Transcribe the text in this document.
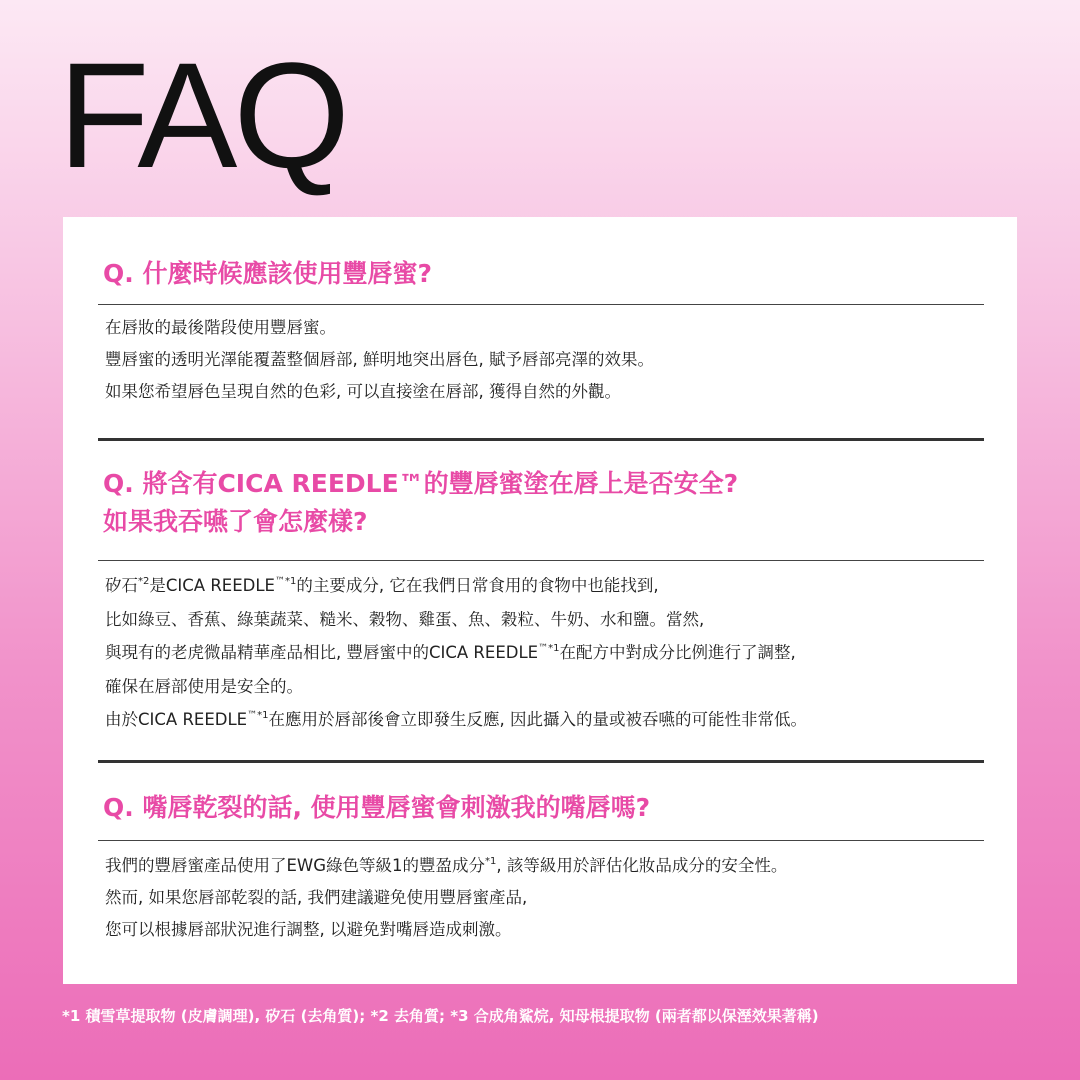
FAQ
Q. 什麼時候應該使用豐唇蜜?
在唇妝的最後階段使用豐唇蜜。
豐唇蜜的透明光澤能覆蓋整個唇部, 鮮明地突出唇色, 賦予唇部亮澤的效果。
如果您希望唇色呈現自然的色彩, 可以直接塗在唇部, 獲得自然的外觀。
Q. 將含有CICA REEDLE™的豐唇蜜塗在唇上是否安全?
如果我吞嚥了會怎麼樣?
矽石$^{*2}$是CICA $REEDLE^{™*1}$的主要成分, 它在我們日常食用的食物中也能找到,
比如綠豆、香蕉、綠葉蔬菜、糙米、穀物、雞蛋、魚、穀粒、牛奶、水和鹽。當然,
與現有的老虎微晶精華產品相比, 豐唇蜜中的CICA $REEDLE^{™*1}$在配方中對成分比例進行了調整,
確保在唇部使用是安全的。
由於CICA $REEDLE^{™*1}$在應用於唇部後會立即發生反應, 因此攝入的量或被吞嚥的可能性非常低。
Q. 嘴唇乾裂的話, 使用豐唇蜜會刺激我的嘴唇嗎?
我們的豐唇蜜產品使用了EWG綠色等級1的豐盈成分$^{*1}$, 該等級用於評估化妝品成分的安全性。
然而, 如果您唇部乾裂的話, 我們建議避免使用豐唇蜜產品,
您可以根據唇部狀況進行調整, 以避免對嘴唇造成刺激。
*1 積雪草提取物 (皮膚調理), 矽石 (去角質); *2 去角質; *3 合成角鯊烷, 知母根提取物 (兩者都以保溼效果著稱)
